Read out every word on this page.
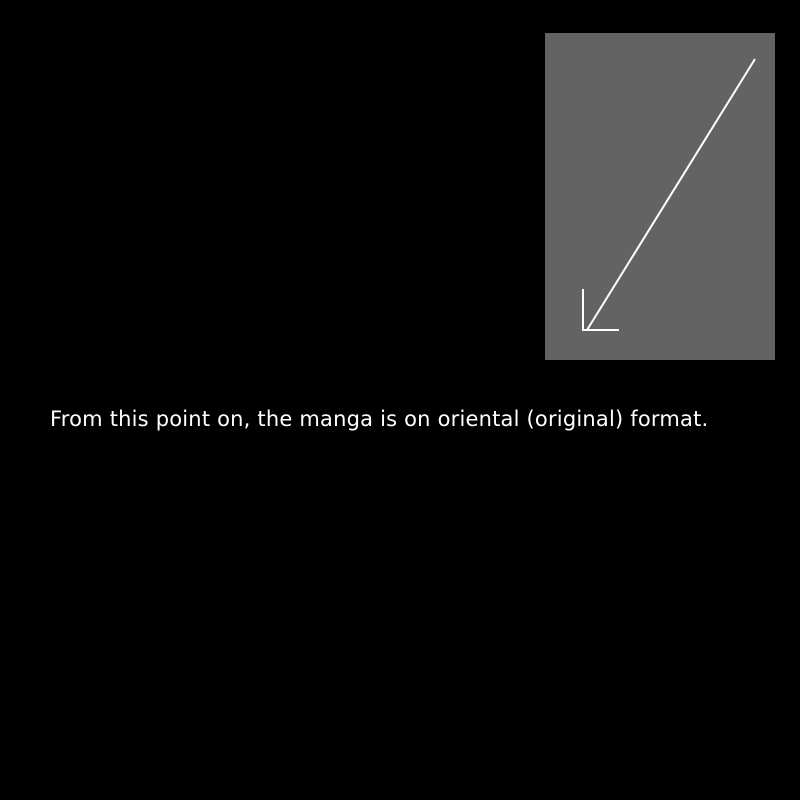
From this point on, the manga is on oriental (original) format.
